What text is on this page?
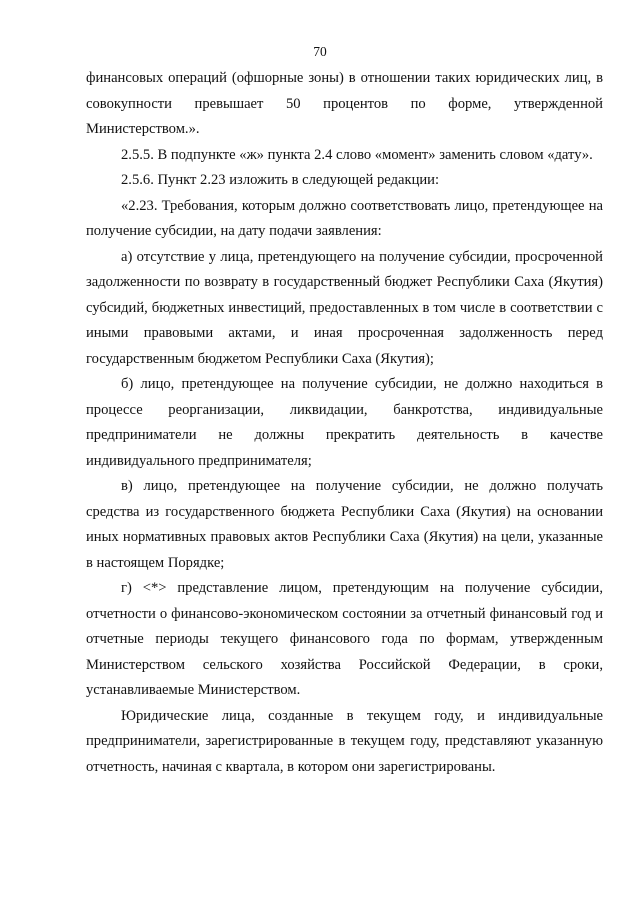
70

финансовых операций (офшорные зоны) в отношении таких юридических лиц, в совокупности превышает 50 процентов по форме, утвержденной Министерством.».

2.5.5. В подпункте «ж» пункта 2.4 слово «момент» заменить словом «дату».

2.5.6. Пункт 2.23 изложить в следующей редакции:

«2.23. Требования, которым должно соответствовать лицо, претендующее на получение субсидии, на дату подачи заявления:

а) отсутствие у лица, претендующего на получение субсидии, просроченной задолженности по возврату в государственный бюджет Республики Саха (Якутия) субсидий, бюджетных инвестиций, предоставленных в том числе в соответствии с иными правовыми актами, и иная просроченная задолженность перед государственным бюджетом Республики Саха (Якутия);

б) лицо, претендующее на получение субсидии, не должно находиться в процессе реорганизации, ликвидации, банкротства, индивидуальные предприниматели не должны прекратить деятельность в качестве индивидуального предпринимателя;

в) лицо, претендующее на получение субсидии, не должно получать средства из государственного бюджета Республики Саха (Якутия) на основании иных нормативных правовых актов Республики Саха (Якутия) на цели, указанные в настоящем Порядке;

г) <*> представление лицом, претендующим на получение субсидии, отчетности о финансово-экономическом состоянии за отчетный финансовый год и отчетные периоды текущего финансового года по формам, утвержденным Министерством сельского хозяйства Российской Федерации, в сроки, устанавливаемые Министерством.

Юридические лица, созданные в текущем году, и индивидуальные предприниматели, зарегистрированные в текущем году, представляют указанную отчетность, начиная с квартала, в котором они зарегистрированы.
